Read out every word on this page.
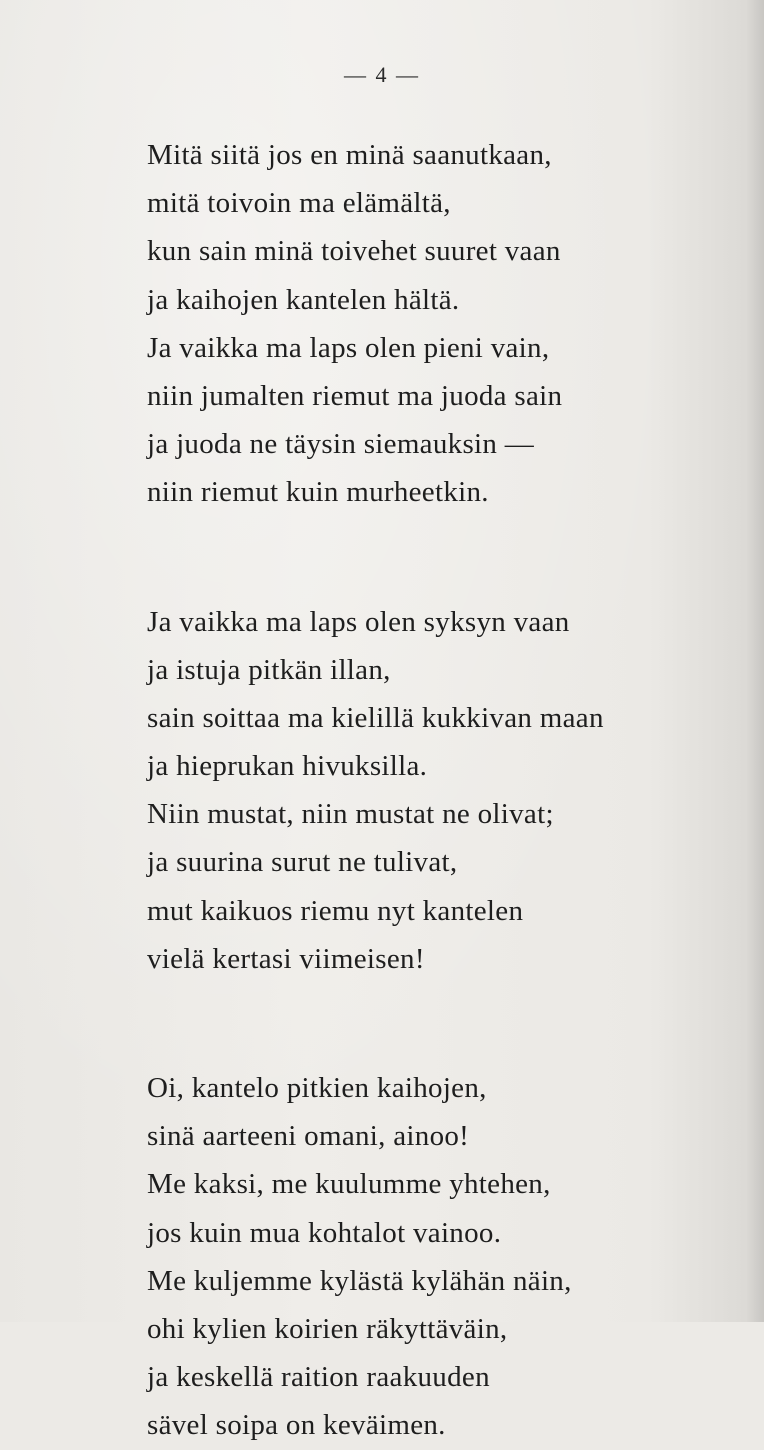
— 4 —
Mitä siitä jos en minä saanutkaan,
mitä toivoin ma elämältä,
kun sain minä toivehet suuret vaan
ja kaihojen kantelen hältä.
Ja vaikka ma laps olen pieni vain,
niin jumalten riemut ma juoda sain
ja juoda ne täysin siemauksin —
niin riemut kuin murheetkin.
Ja vaikka ma laps olen syksyn vaan
ja istuja pitkän illan,
sain soittaa ma kielillä kukkivan maan
ja hieprukan hivuksilla.
Niin mustat, niin mustat ne olivat;
ja suurina surut ne tulivat,
mut kaikuos riemu nyt kantelen
vielä kertasi viimeisen!
Oi, kantelo pitkien kaihojen,
sinä aarteeni omani, ainoo!
Me kaksi, me kuulumme yhtehen,
jos kuin mua kohtalot vainoo.
Me kuljemme kylästä kylähän näin,
ohi kylien koirien räkyttäväin,
ja keskellä raition raakuuden
sävel soipa on keväimen.
